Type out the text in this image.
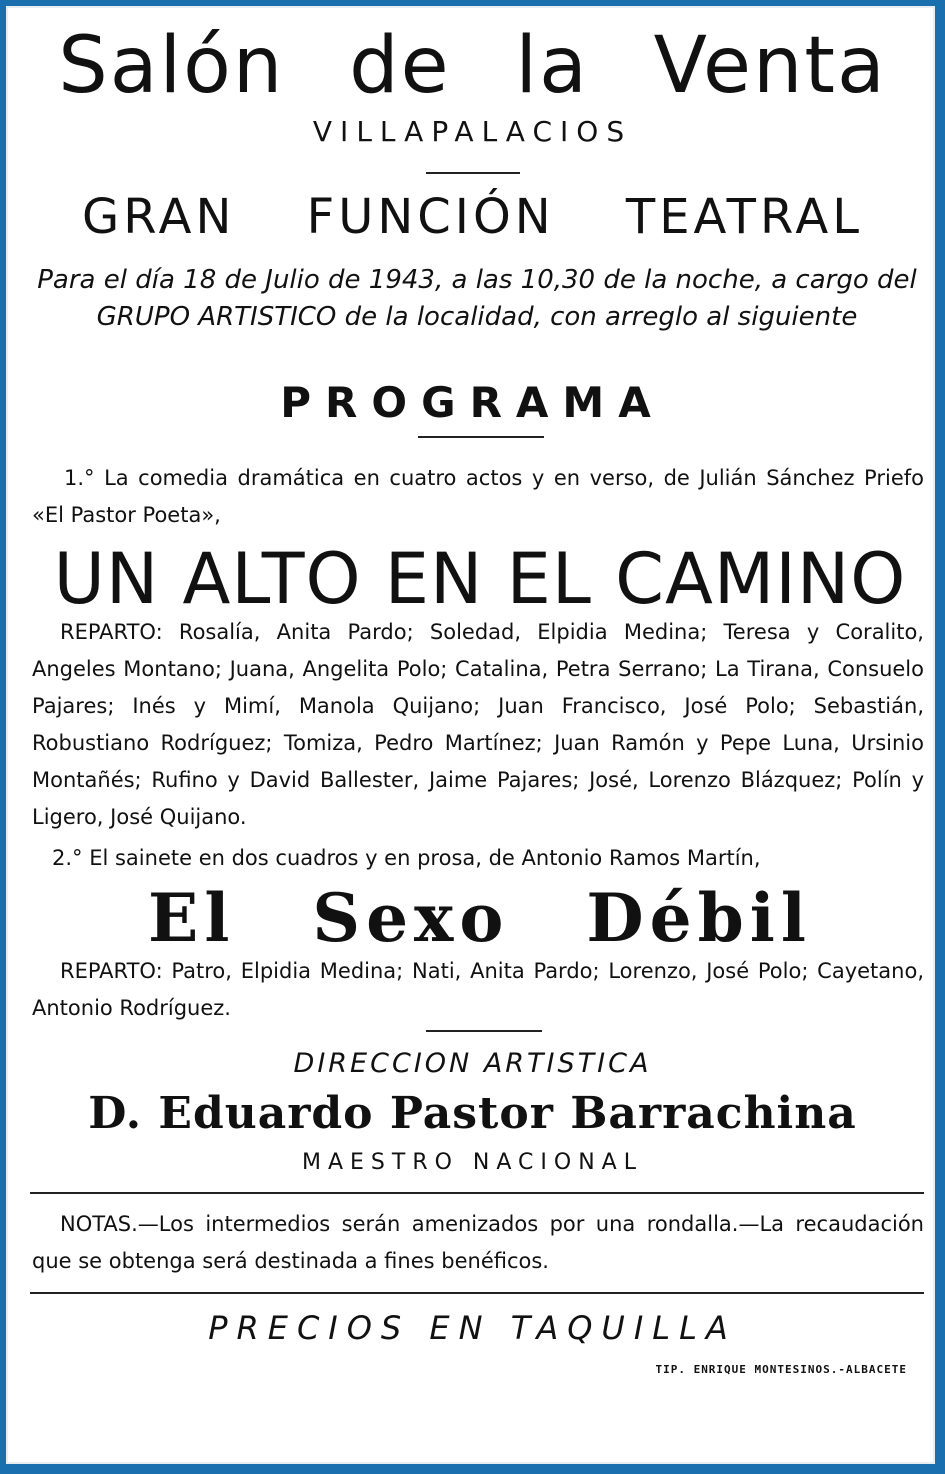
Salón de la Venta
VILLAPALACIOS
GRAN FUNCIÓN TEATRAL
Para el día 18 de Julio de 1943, a las 10,30 de la noche, a cargo del GRUPO ARTISTICO de la localidad, con arreglo al siguiente
PROGRAMA
1.° La comedia dramática en cuatro actos y en verso, de Julián Sánchez Priefo «El Pastor Poeta»,
UN ALTO EN EL CAMINO
REPARTO: Rosalía, Anita Pardo; Soledad, Elpidia Medina; Teresa y Coralito, Angeles Montano; Juana, Angelita Polo; Catalina, Petra Serrano; La Tirana, Consuelo Pajares; Inés y Mimí, Manola Quijano; Juan Francisco, José Polo; Sebastián, Robustiano Rodríguez; Tomiza, Pedro Martínez; Juan Ramón y Pepe Luna, Ursinio Montañés; Rufino y David Ballester, Jaime Pajares; José, Lorenzo Blázquez; Polín y Ligero, José Quijano.
2.° El sainete en dos cuadros y en prosa, de Antonio Ramos Martín,
El Sexo Débil
REPARTO: Patro, Elpidia Medina; Nati, Anita Pardo; Lorenzo, José Polo; Cayetano, Antonio Rodríguez.
DIRECCION ARTISTICA
D. Eduardo Pastor Barrachina
MAESTRO NACIONAL
NOTAS.—Los intermedios serán amenizados por una rondalla.—La recaudación que se obtenga será destinada a fines benéficos.
PRECIOS EN TAQUILLA
TIP. ENRIQUE MONTESINOS.-ALBACETE
